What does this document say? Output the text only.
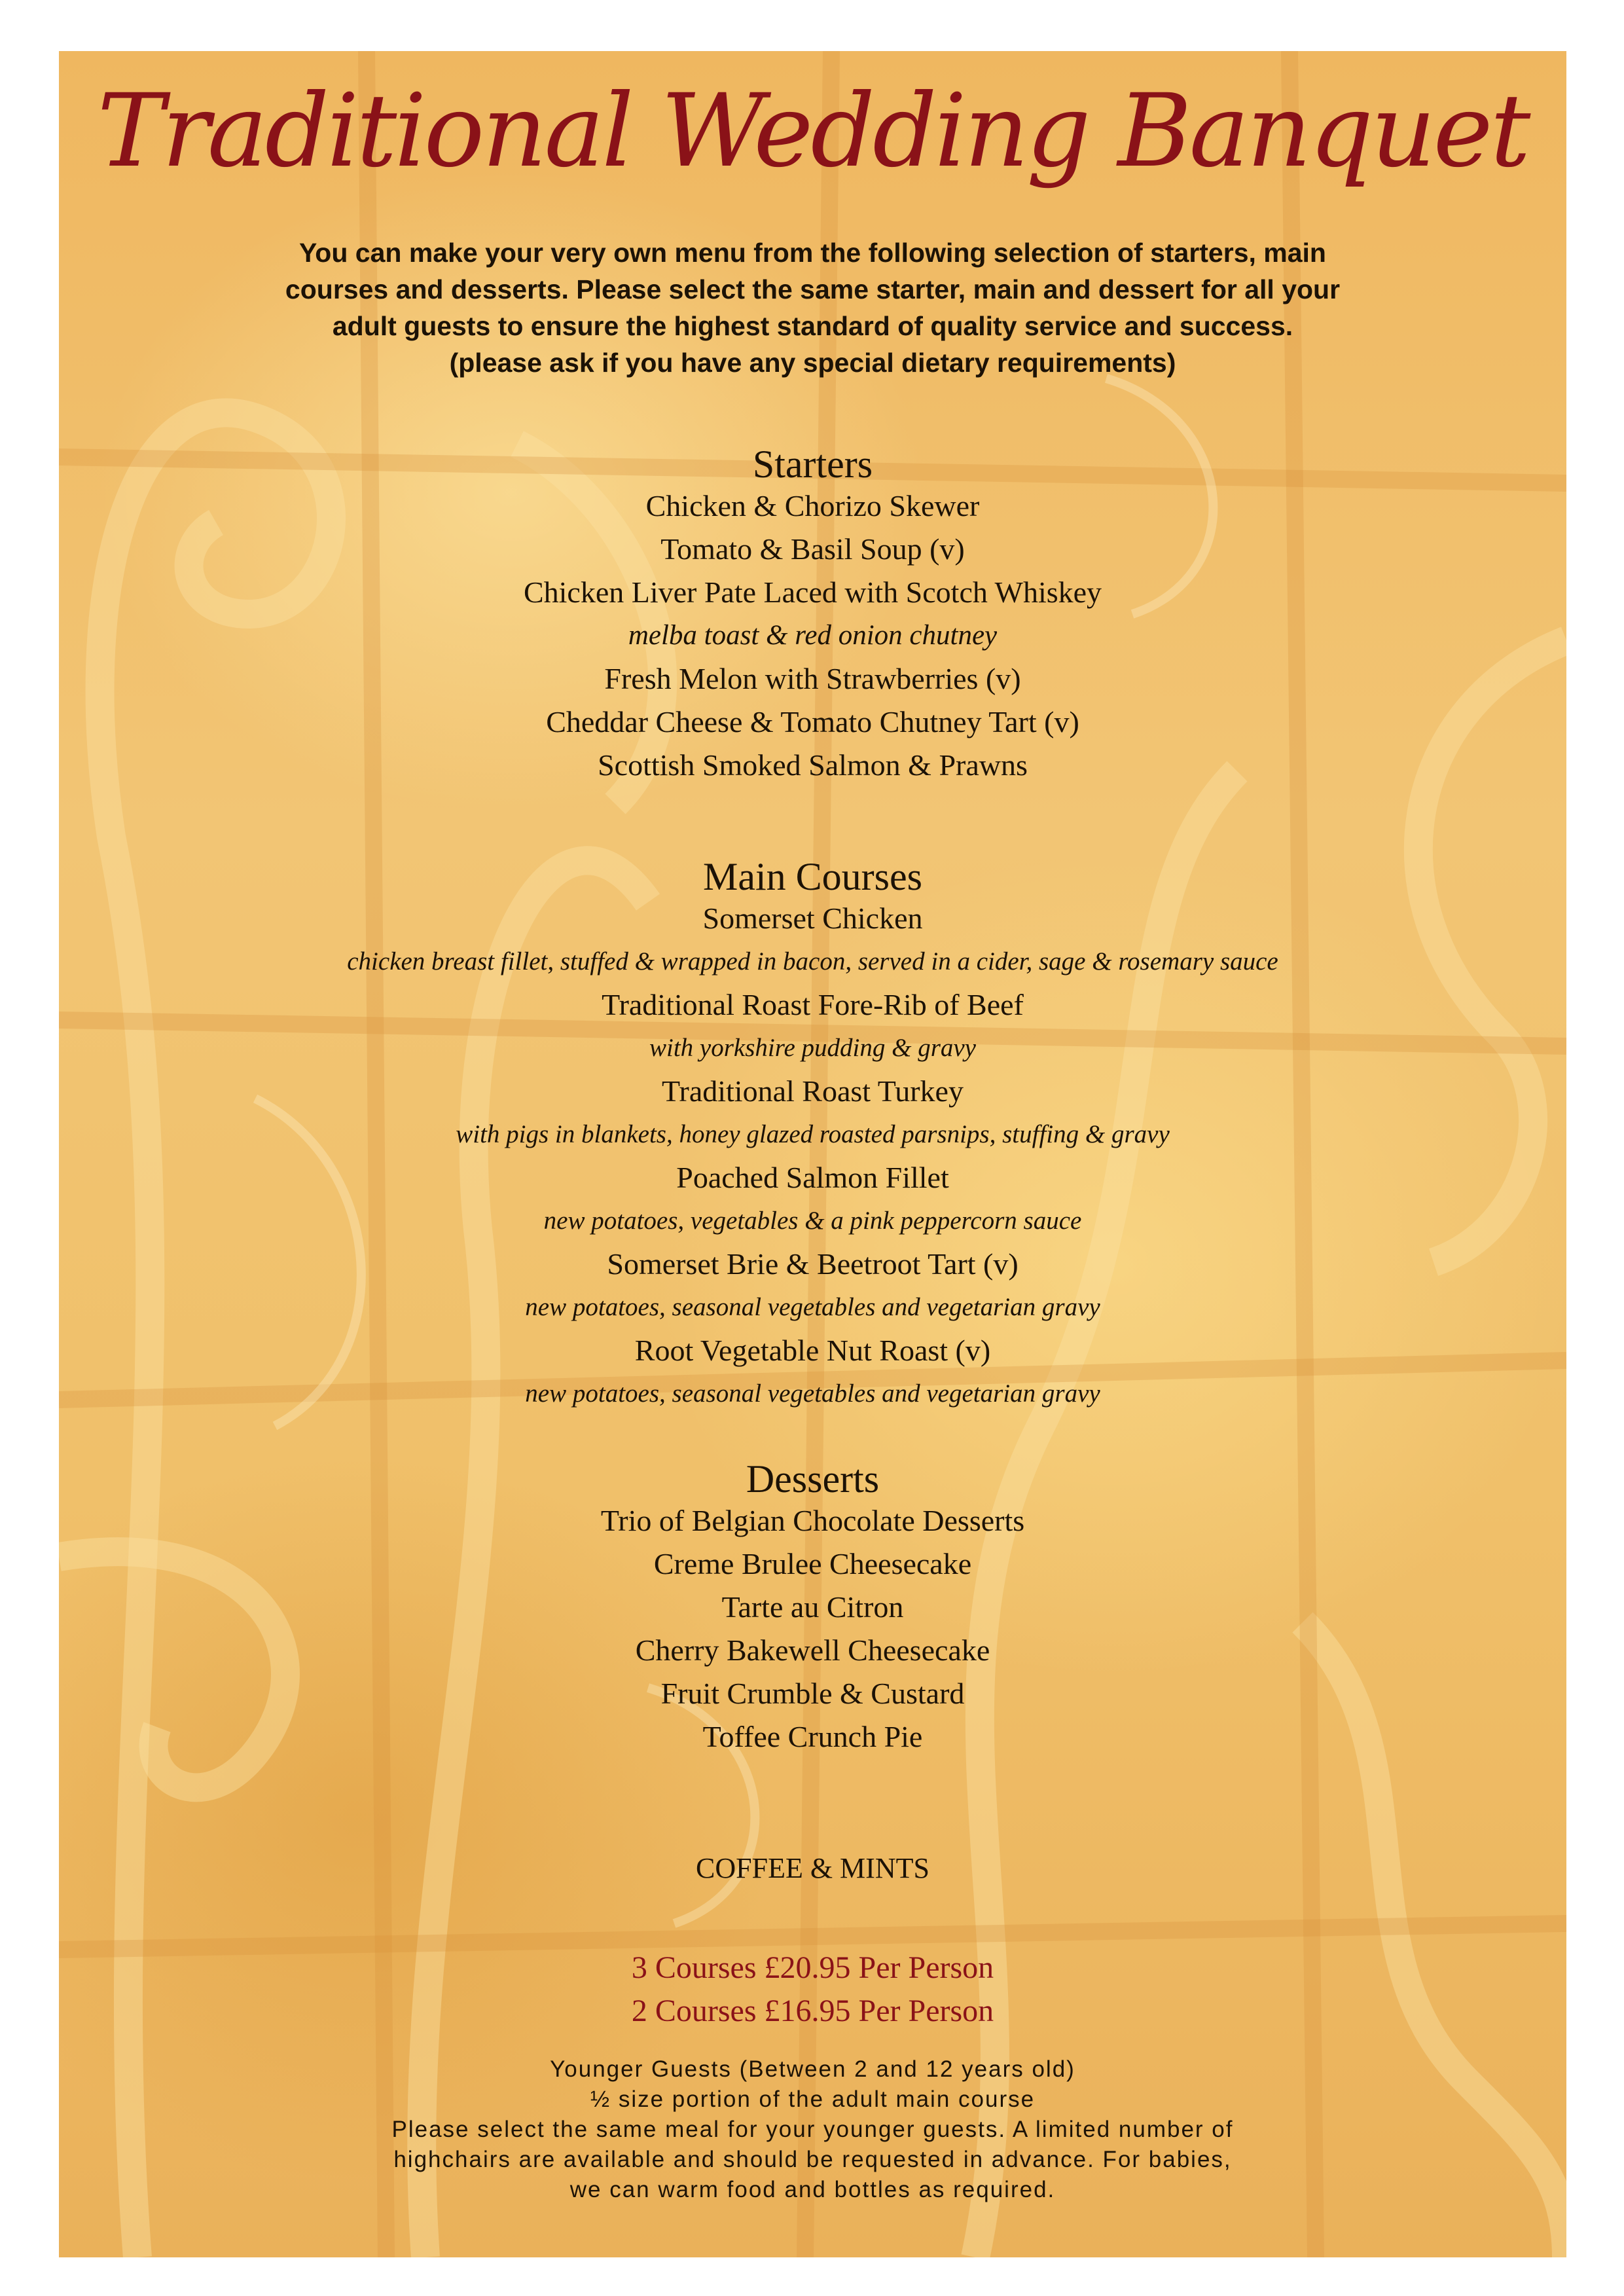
Traditional Wedding Banquet
You can make your very own menu from the following selection of starters, main
courses and desserts. Please select the same starter, main and dessert for all your
adult guests to ensure the highest standard of quality service and success.
(please ask if you have any special dietary requirements)
Starters
Chicken & Chorizo Skewer
Tomato & Basil Soup (v)
Chicken Liver Pate Laced with Scotch Whiskey
melba toast & red onion chutney
Fresh Melon with Strawberries (v)
Cheddar Cheese & Tomato Chutney Tart (v)
Scottish Smoked Salmon & Prawns
Main Courses
Somerset Chicken
chicken breast fillet, stuffed & wrapped in bacon, served in a cider, sage & rosemary sauce
Traditional Roast Fore-Rib of Beef
with yorkshire pudding & gravy
Traditional Roast Turkey
with pigs in blankets, honey glazed roasted parsnips, stuffing & gravy
Poached Salmon Fillet
new potatoes, vegetables & a pink peppercorn sauce
Somerset Brie & Beetroot Tart (v)
new potatoes, seasonal vegetables and vegetarian gravy
Root Vegetable Nut Roast (v)
new potatoes, seasonal vegetables and vegetarian gravy
Desserts
Trio of Belgian Chocolate Desserts
Creme Brulee Cheesecake
Tarte au Citron
Cherry Bakewell Cheesecake
Fruit Crumble & Custard
Toffee Crunch Pie
COFFEE & MINTS
3 Courses £20.95 Per Person
2 Courses £16.95 Per Person
Younger Guests (Between 2 and 12 years old)
½ size portion of the adult main course
Please select the same meal for your younger guests. A limited number of
highchairs are available and should be requested in advance. For babies,
we can warm food and bottles as required.
